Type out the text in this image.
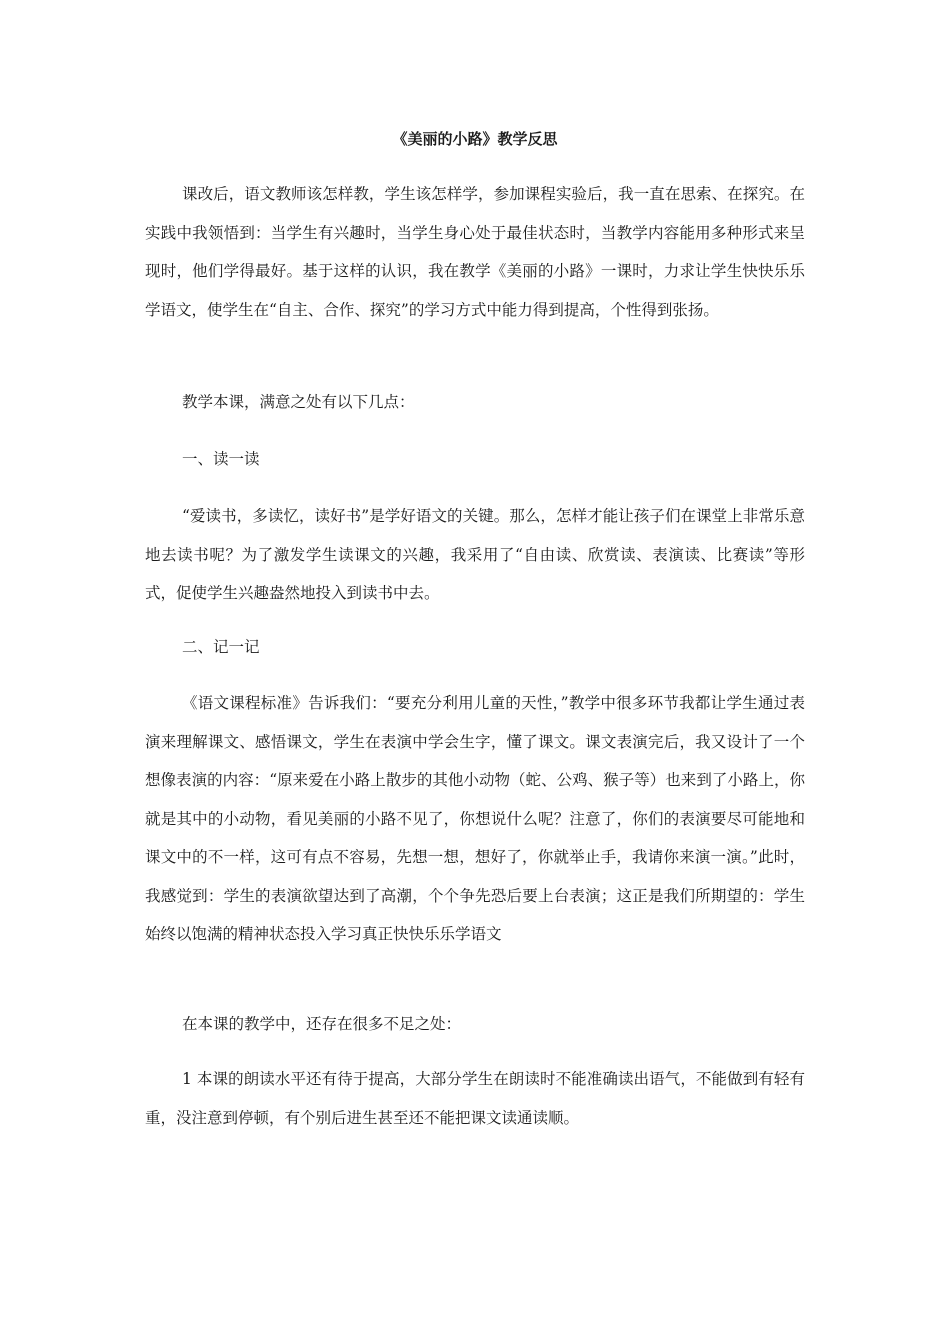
《美丽的小路》教学反思

课改后，语文教师该怎样教，学生该怎样学，参加课程实验后，我一直在思索、在探究。在实践中我领悟到：当学生有兴趣时，当学生身心处于最佳状态时，当教学内容能用多种形式来呈现时，他们学得最好。基于这样的认识，我在教学《美丽的小路》一课时，力求让学生快快乐乐学语文，使学生在“自主、合作、探究”的学习方式中能力得到提高，个性得到张扬。

教学本课，满意之处有以下几点：

一、读一读

“爱读书，多读忆，读好书”是学好语文的关键。那么，怎样才能让孩子们在课堂上非常乐意地去读书呢？为了激发学生读课文的兴趣，我采用了“自由读、欣赏读、表演读、比赛读”等形式，促使学生兴趣盎然地投入到读书中去。

二、记一记

《语文课程标准》告诉我们：“要充分利用儿童的天性，”教学中很多环节我都让学生通过表演来理解课文、感悟课文，学生在表演中学会生字，懂了课文。课文表演完后，我又设计了一个想像表演的内容：“原来爱在小路上散步的其他小动物（蛇、公鸡、猴子等）也来到了小路上，你就是其中的小动物，看见美丽的小路不见了，你想说什么呢？注意了，你们的表演要尽可能地和课文中的不一样，这可有点不容易，先想一想，想好了，你就举止手，我请你来演一演。”此时，我感觉到：学生的表演欲望达到了高潮，个个争先恐后要上台表演；这正是我们所期望的：学生始终以饱满的精神状态投入学习真正快快乐乐学语文

在本课的教学中，还存在很多不足之处：

1 本课的朗读水平还有待于提高，大部分学生在朗读时不能准确读出语气，不能做到有轻有重，没注意到停顿，有个别后进生甚至还不能把课文读通读顺。
